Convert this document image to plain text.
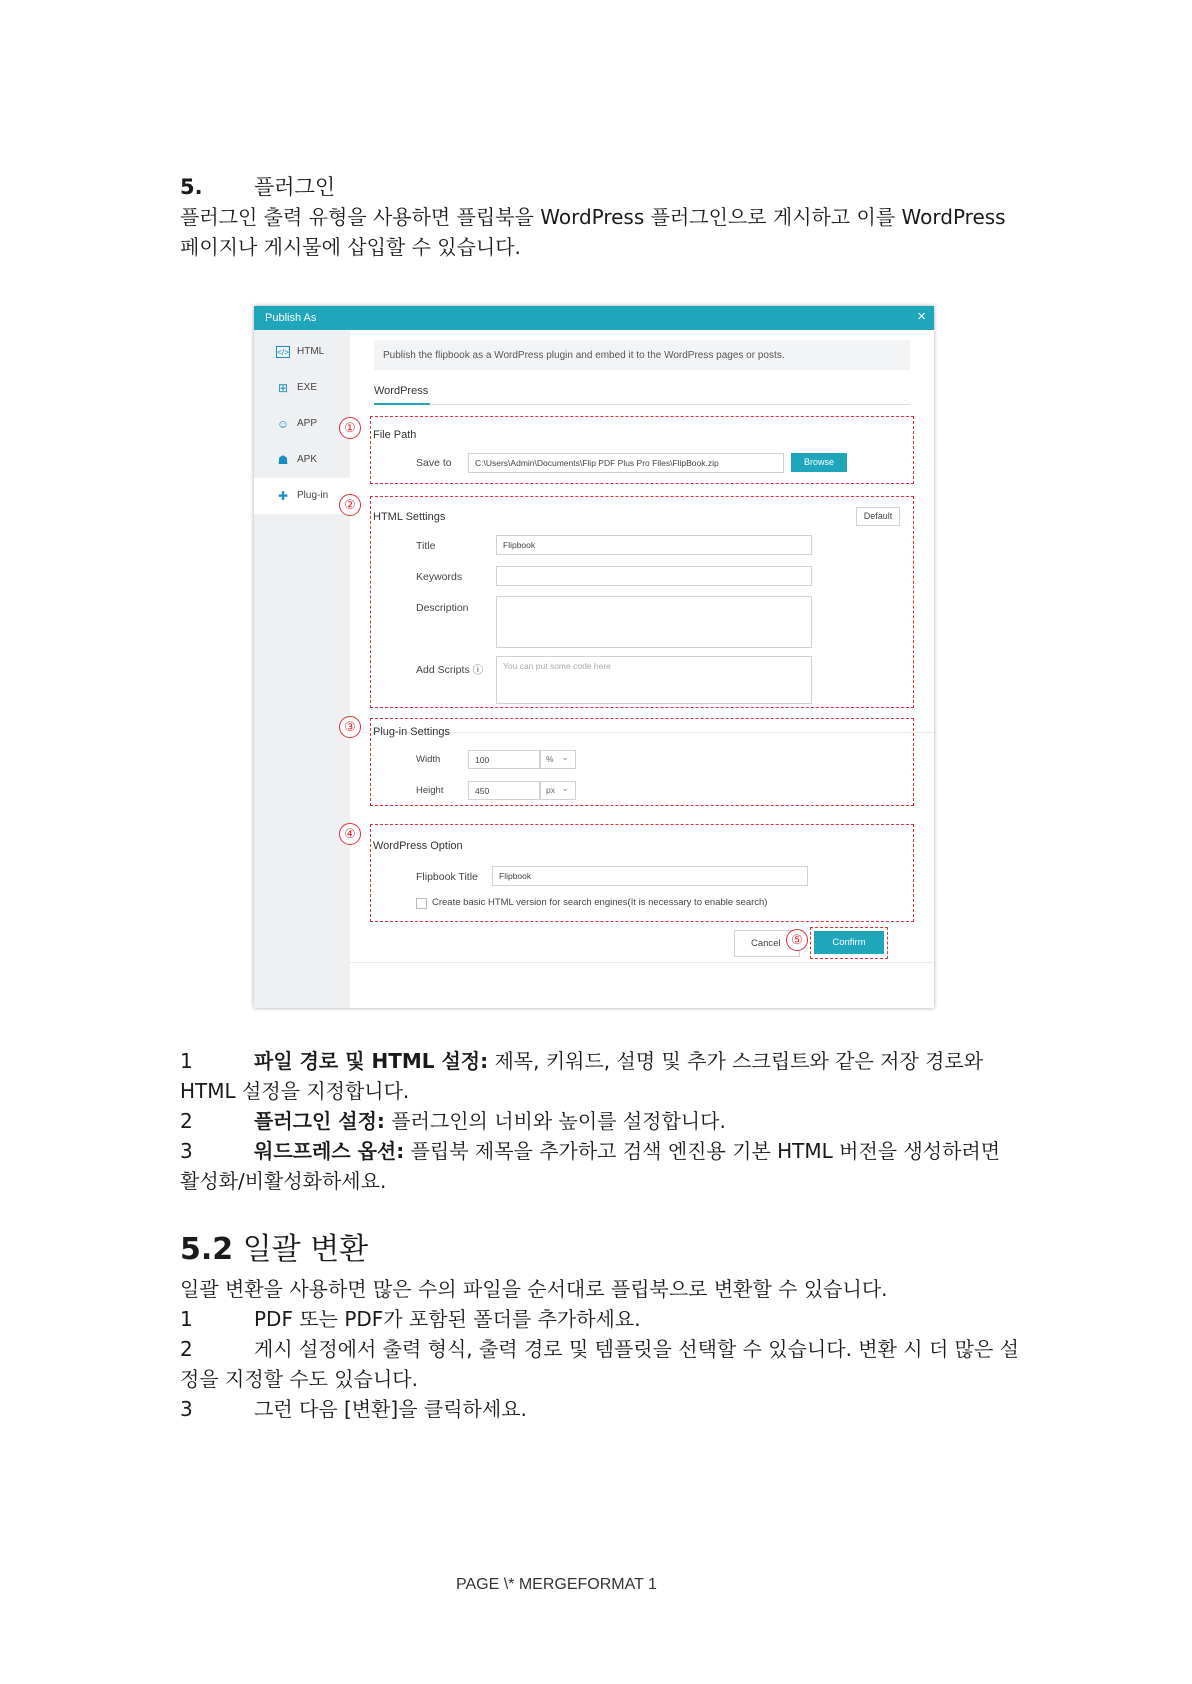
5. 플러그인

플러그인 출력 유형을 사용하면 플립북을 WordPress 플러그인으로 게시하고 이를 WordPress 페이지나 게시물에 삽입할 수 있습니다.

Publish As	×
</> HTML
⊞ EXE
☺ APP
☗ APK
✚ Plug-in
Publish the flipbook as a WordPress plugin and embed it to the WordPress pages or posts.
WordPress
①	File Path
Save to	C:\Users\Admin\Documents\Flip PDF Plus Pro Files\FlipBook.zip	Browse
②
HTML Settings	Default
Title	Flipbook
Keywords
Description
Add Scripts ⓘ You can put some code here
③	Plug-in Settings
Width	100	% ⌄
Height	450	px ⌄
④
WordPress Option
Flipbook Title Flipbook
Create basic HTML version for search engines(It is necessary to enable search)
Cancel ⑤	Confirm

1	파일 경로 및 HTML 설정: 제목, 키워드, 설명 및 추가 스크립트와 같은 저장 경로와 HTML 설정을 지정합니다.

2	플러그인 설정: 플러그인의 너비와 높이를 설정합니다.

3	워드프레스 옵션: 플립북 제목을 추가하고 검색 엔진용 기본 HTML 버전을 생성하려면 활성화/비활성화하세요.

5.2 일괄 변환

일괄 변환을 사용하면 많은 수의 파일을 순서대로 플립북으로 변환할 수 있습니다.

1	PDF 또는 PDF가 포함된 폴더를 추가하세요.

2	게시 설정에서 출력 형식, 출력 경로 및 템플릿을 선택할 수 있습니다. 변환 시 더 많은 설정을 지정할 수도 있습니다.

3	그런 다음 [변환]을 클릭하세요.

PAGE \* MERGEFORMAT 1
